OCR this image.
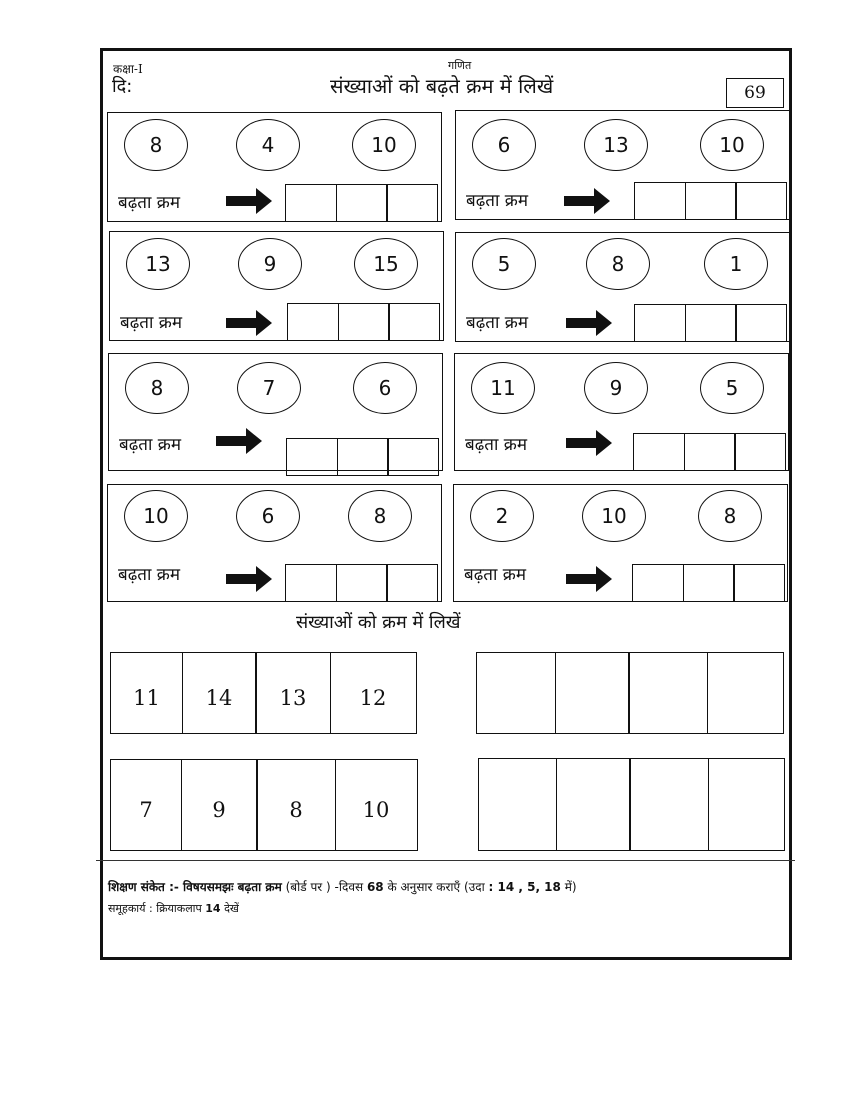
कक्षा-I
दि:
गणित
संख्याओं को बढ़ते क्रम में लिखें	69
8	4	10
बढ़ता क्रम
6	13	10
बढ़ता क्रम
13	9	15
बढ़ता क्रम
5	8	1
बढ़ता क्रम
8	7	6
बढ़ता क्रम
11	9	5
बढ़ता क्रम
10	6	8
बढ़ता क्रम
2	10	8
बढ़ता क्रम
संख्याओं को क्रम में लिखें
11	14	13	12
7	9	8	10
शिक्षण संकेत :- विषयसमझः बढ़ता क्रम (बोर्ड पर ) -दिवस 68 के अनुसार कराएँ (उदा : 14 , 5, 18 में)
समूहकार्य : क्रियाकलाप 14 देखें
